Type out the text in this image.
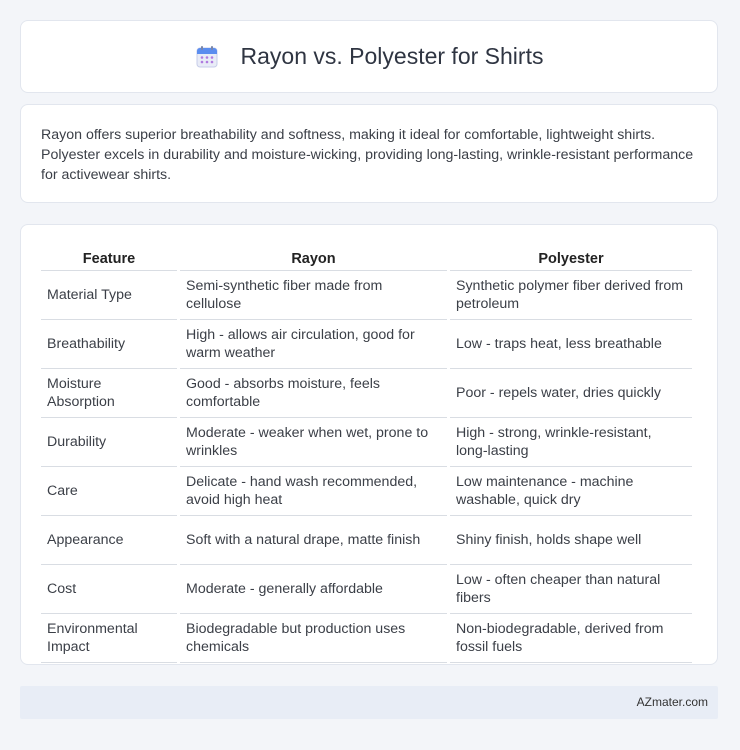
Rayon vs. Polyester for Shirts
Rayon offers superior breathability and softness, making it ideal for comfortable, lightweight shirts. Polyester excels in durability and moisture-wicking, providing long-lasting, wrinkle-resistant performance for activewear shirts.
Feature	Rayon	Polyester
Material Type	Semi-synthetic fiber made from cellulose	Synthetic polymer fiber derived from petroleum
Breathability	High - allows air circulation, good for warm weather	Low - traps heat, less breathable
Moisture Absorption	Good - absorbs moisture, feels comfortable	Poor - repels water, dries quickly
Durability	Moderate - weaker when wet, prone to wrinkles	High - strong, wrinkle-resistant, long-lasting
Care	Delicate - hand wash recommended, avoid high heat	Low maintenance - machine washable, quick dry
Appearance	Soft with a natural drape, matte finish	Shiny finish, holds shape well
Cost	Moderate - generally affordable	Low - often cheaper than natural fibers
Environmental Impact	Biodegradable but production uses chemicals	Non-biodegradable, derived from fossil fuels
AZmater.com
